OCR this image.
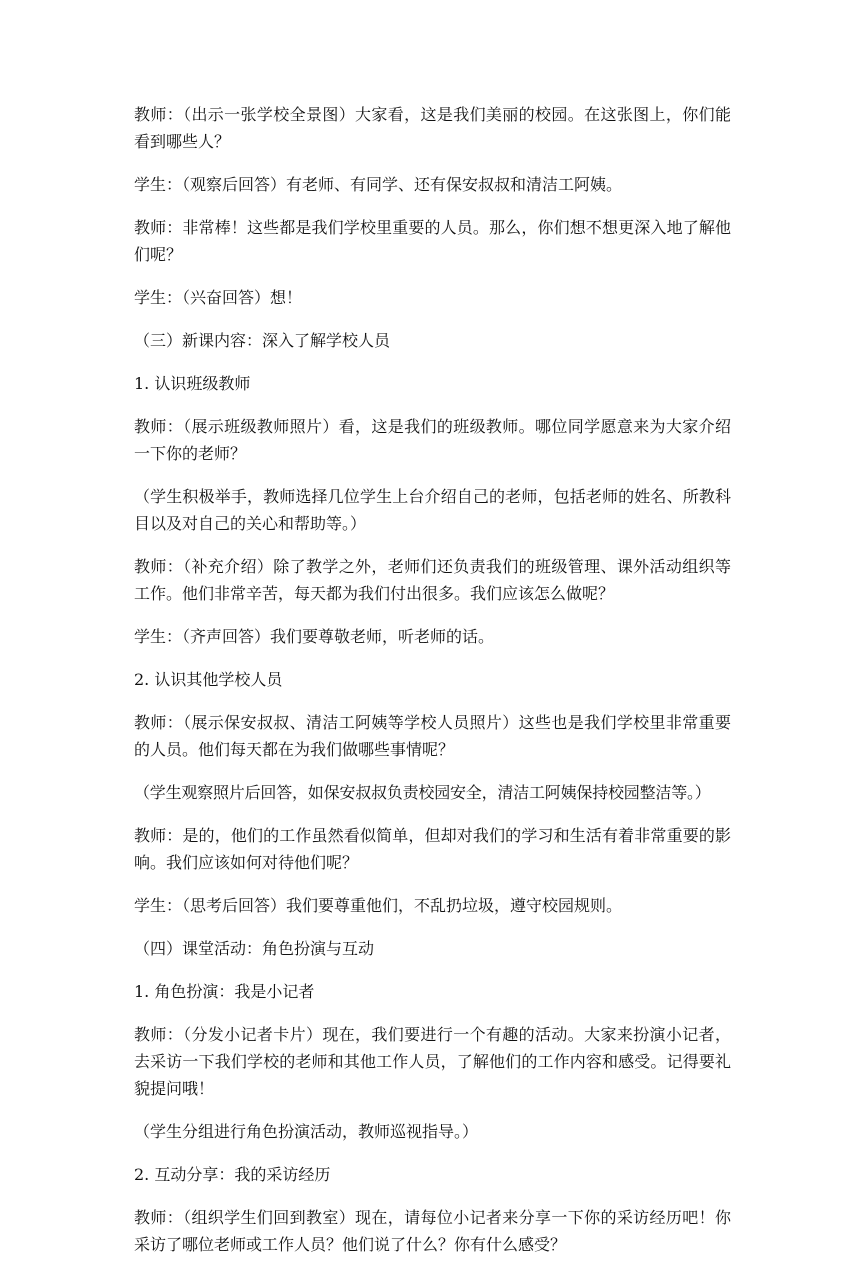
教师：（出示一张学校全景图）大家看，这是我们美丽的校园。在这张图上，你们能看到哪些人？

学生：（观察后回答）有老师、有同学、还有保安叔叔和清洁工阿姨。

教师：非常棒！这些都是我们学校里重要的人员。那么，你们想不想更深入地了解他们呢？

学生：（兴奋回答）想！

（三）新课内容：深入了解学校人员

1. 认识班级教师

教师：（展示班级教师照片）看，这是我们的班级教师。哪位同学愿意来为大家介绍一下你的老师？

（学生积极举手，教师选择几位学生上台介绍自己的老师，包括老师的姓名、所教科目以及对自己的关心和帮助等。）

教师：（补充介绍）除了教学之外，老师们还负责我们的班级管理、课外活动组织等工作。他们非常辛苦，每天都为我们付出很多。我们应该怎么做呢？

学生：（齐声回答）我们要尊敬老师，听老师的话。

2. 认识其他学校人员

教师：（展示保安叔叔、清洁工阿姨等学校人员照片）这些也是我们学校里非常重要的人员。他们每天都在为我们做哪些事情呢？

（学生观察照片后回答，如保安叔叔负责校园安全，清洁工阿姨保持校园整洁等。）

教师：是的，他们的工作虽然看似简单，但却对我们的学习和生活有着非常重要的影响。我们应该如何对待他们呢？

学生：（思考后回答）我们要尊重他们，不乱扔垃圾，遵守校园规则。

（四）课堂活动：角色扮演与互动

1. 角色扮演：我是小记者

教师：（分发小记者卡片）现在，我们要进行一个有趣的活动。大家来扮演小记者，去采访一下我们学校的老师和其他工作人员，了解他们的工作内容和感受。记得要礼貌提问哦！

（学生分组进行角色扮演活动，教师巡视指导。）

2. 互动分享：我的采访经历

教师：（组织学生们回到教室）现在，请每位小记者来分享一下你的采访经历吧！你采访了哪位老师或工作人员？他们说了什么？你有什么感受？
